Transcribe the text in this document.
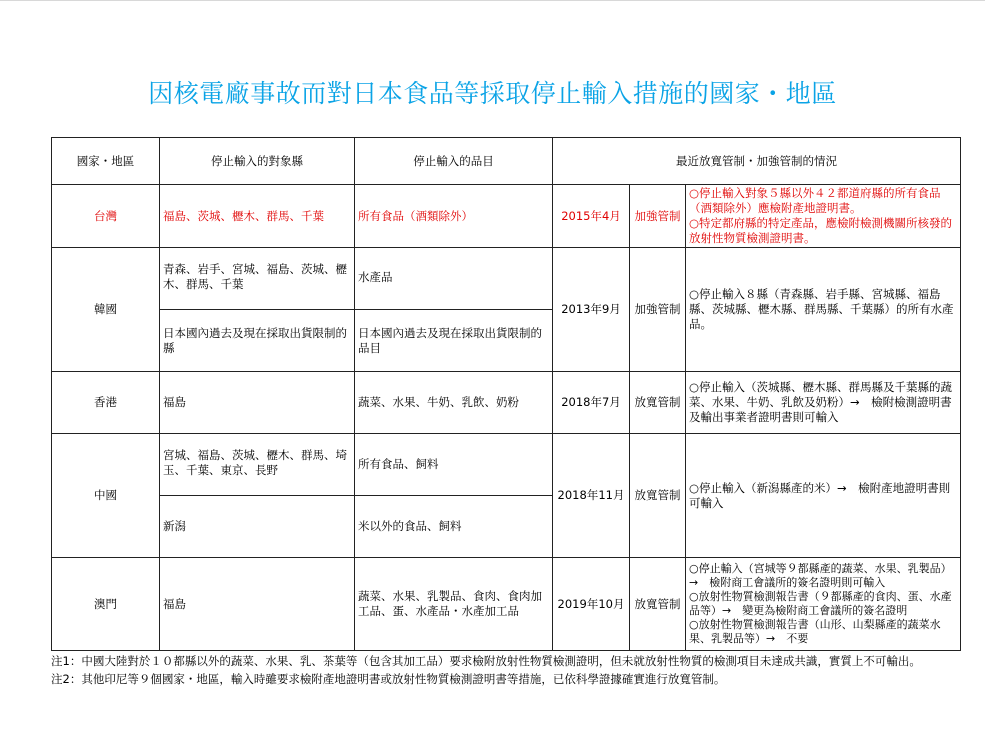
因核電廠事故而對日本食品等採取停止輸入措施的國家・地區
國家・地區	停止輸入的對象縣	停止輸入的品目	最近放寬管制・加強管制的情況		
台灣	福島、茨城、櫪木、群馬、千葉	所有食品（酒類除外）	2015年4月	加強管制	○停止輸入對象５縣以外４２都道府縣的所有食品（酒類除外）應檢附產地證明書。
○特定都府縣的特定產品，應檢附檢測機關所核發的放射性物質檢測證明書。
韓國	青森、岩手、宮城、福島、茨城、櫪木、群馬、千葉	水產品	2013年9月	加強管制	○停止輸入８縣（青森縣、岩手縣、宮城縣、福島縣、茨城縣、櫪木縣、群馬縣、千葉縣）的所有水產品。
	日本國內過去及現在採取出貨限制的縣	日本國內過去及現在採取出貨限制的品目			
香港	福島	蔬菜、水果、牛奶、乳飲、奶粉	2018年7月	放寬管制	○停止輸入（茨城縣、櫪木縣、群馬縣及千葉縣的蔬菜、水果、牛奶、乳飲及奶粉）→　檢附檢測證明書及輸出事業者證明書則可輸入
中國	宮城、福島、茨城、櫪木、群馬、埼玉、千葉、東京、長野	所有食品、飼料	2018年11月	放寬管制	○停止輸入（新潟縣產的米）→　檢附產地證明書則可輸入
	新潟	米以外的食品、飼料			
澳門	福島	蔬菜、水果、乳製品、食肉、食肉加工品、蛋、水產品・水產加工品	2019年10月	放寬管制	○停止輸入（宮城等９都縣產的蔬菜、水果、乳製品）→　檢附商工會議所的簽名證明則可輸入
○放射性物質檢測報告書（９都縣產的食肉、蛋、水產品等）→　變更為檢附商工會議所的簽名證明
○放射性物質檢測報告書（山形、山梨縣產的蔬菜水果、乳製品等）→　不要
注1： 中國大陸對於１０都縣以外的蔬菜、水果、乳、茶葉等（包含其加工品）要求檢附放射性物質檢測證明，但未就放射性物質的檢測項目未達成共識，實質上不可輸出。
注2： 其他印尼等９個國家・地區，輸入時雖要求檢附產地證明書或放射性物質檢測證明書等措施，已依科學證據確實進行放寬管制。
